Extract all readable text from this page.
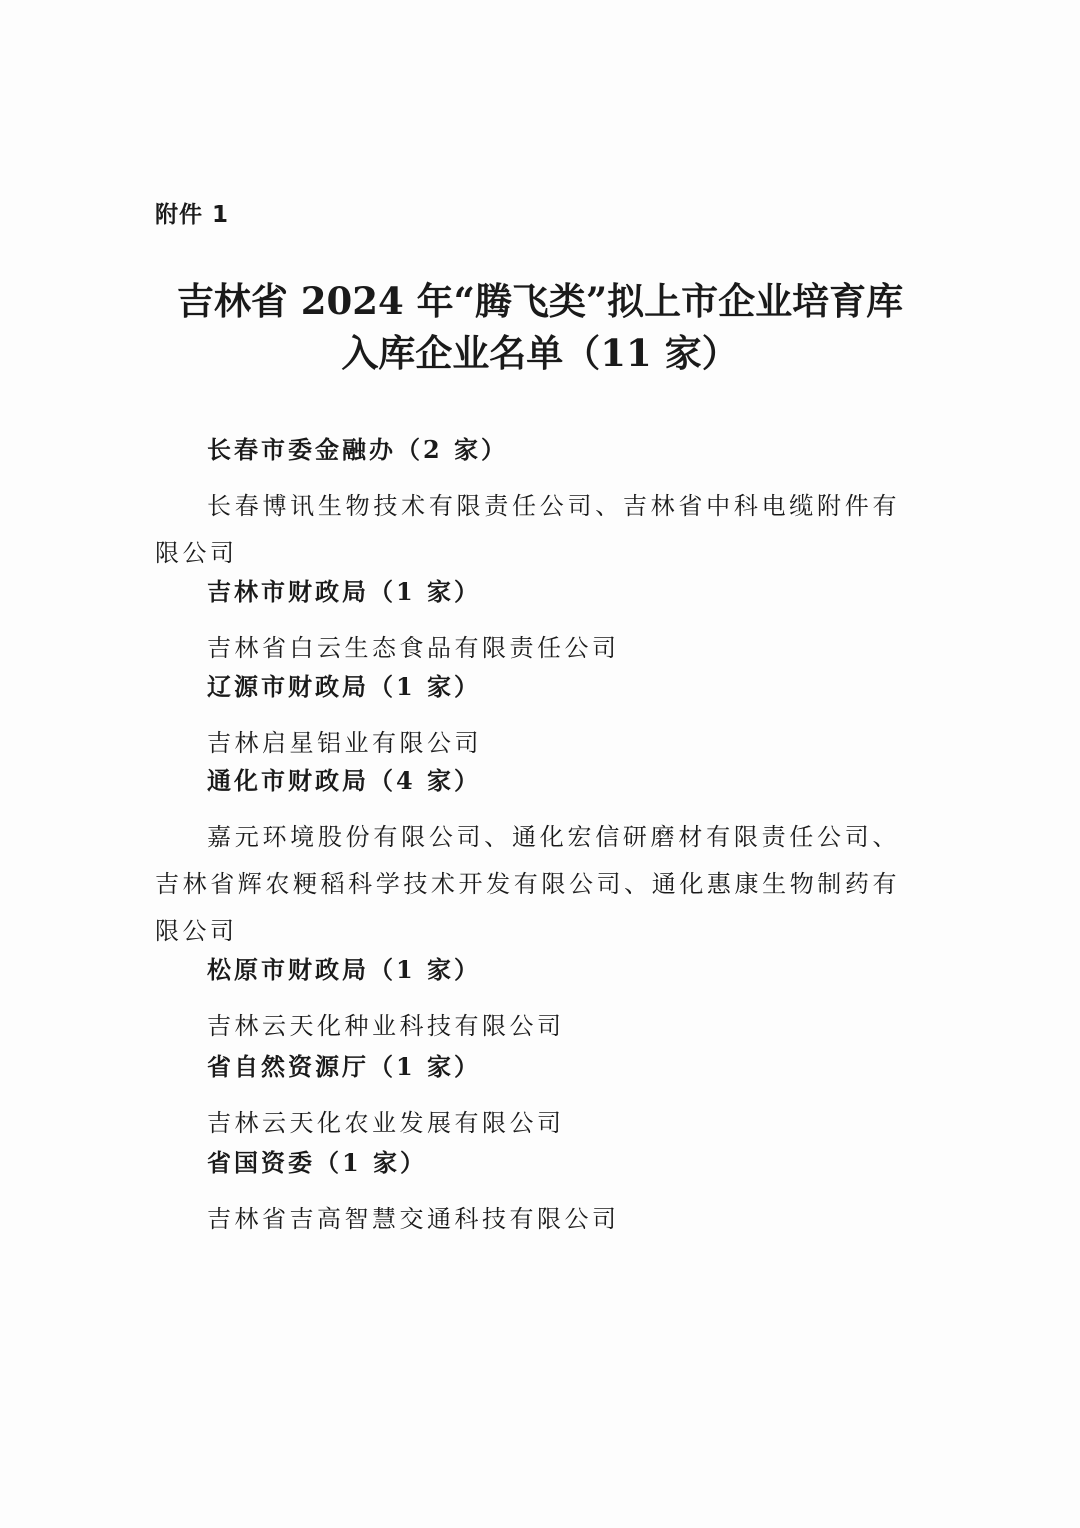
附件 1
吉林省 2024 年“腾飞类”拟上市企业培育库
入库企业名单（11 家）
长春市委金融办（2 家）
长春博讯生物技术有限责任公司、吉林省中科电缆附件有限公司
吉林市财政局（1 家）
吉林省白云生态食品有限责任公司
辽源市财政局（1 家）
吉林启星铝业有限公司
通化市财政局（4 家）
嘉元环境股份有限公司、通化宏信研磨材有限责任公司、吉林省辉农粳稻科学技术开发有限公司、通化惠康生物制药有限公司
松原市财政局（1 家）
吉林云天化种业科技有限公司
省自然资源厅（1 家）
吉林云天化农业发展有限公司
省国资委（1 家）
吉林省吉高智慧交通科技有限公司
